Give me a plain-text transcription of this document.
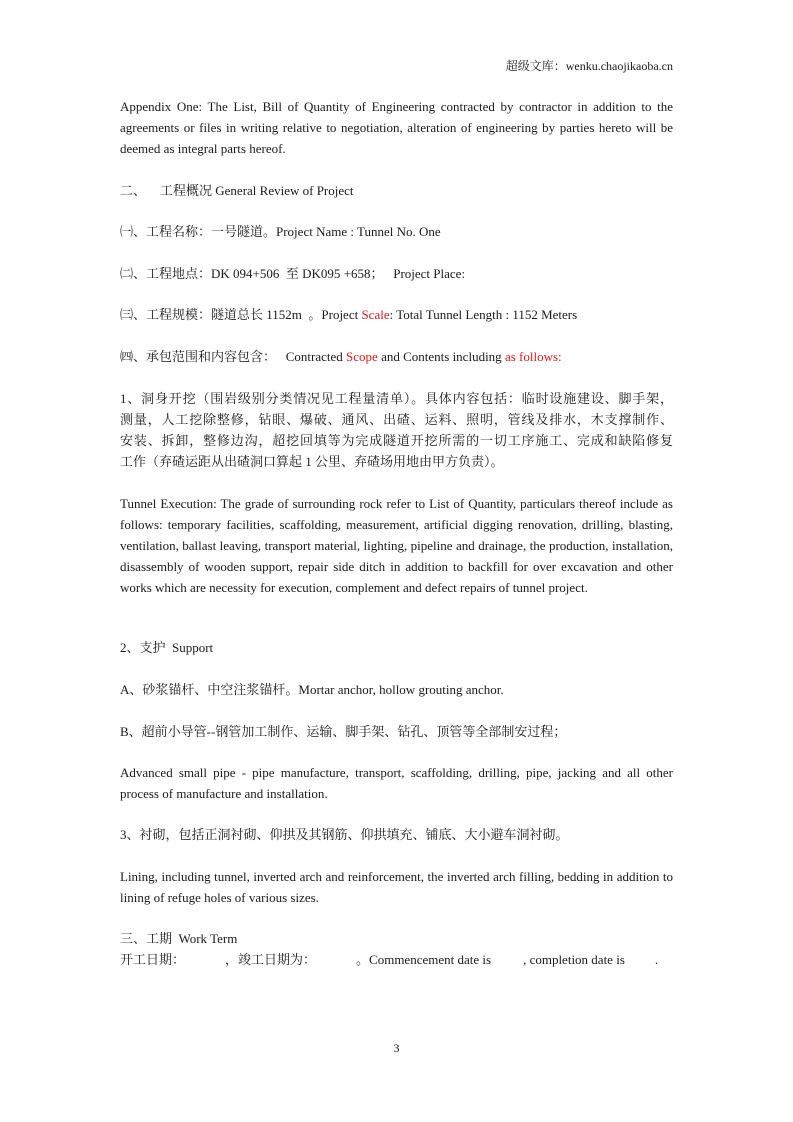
超级文库：wenku.chaojikaoba.cn
Appendix One: The List, Bill of Quantity of Engineering contracted by contractor in addition to the agreements or files in writing relative to negotiation, alteration of engineering by parties hereto will be deemed as integral parts hereof.
二、 工程概况 General Review of Project
㈠、工程名称：一号隧道。Project Name : Tunnel No. One
㈡、工程地点：DK 094+506  至 DK095 +658；   Project Place:
㈢、工程规模：隧道总长 1152m  。Project Scale: Total Tunnel Length : 1152 Meters
㈣、承包范围和内容包含：   Contracted Scope and Contents including as follows:
1、洞身开挖（围岩级别分类情况见工程量清单）。具体内容包括：临时设施建设、脚手架，
测量，人工挖除整修，钻眼、爆破、通风、出碴、运料、照明，管线及排水，木支撑制作、
安装、拆卸，整修边沟，超挖回填等为完成隧道开挖所需的一切工序施工、完成和缺陷修复
工作（弃碴运距从出碴洞口算起 1 公里、弃碴场用地由甲方负责）。
Tunnel Execution: The grade of surrounding rock refer to List of Quantity, particulars thereof include as follows: temporary facilities, scaffolding, measurement, artificial digging renovation, drilling, blasting, ventilation, ballast leaving, transport material, lighting, pipeline and drainage, the production, installation, disassembly of wooden support, repair side ditch in addition to backfill for over excavation and other works which are necessity for execution, complement and defect repairs of tunnel project.
2、支护  Support
A、砂浆锚杆、中空注浆锚杆。Mortar anchor, hollow grouting anchor.
B、超前小导管--钢管加工制作、运输、脚手架、钻孔、顶管等全部制安过程；
Advanced small pipe - pipe manufacture, transport, scaffolding, drilling, pipe, jacking and all other process of manufacture and installation.
3、衬砌，包括正洞衬砌、仰拱及其钢筋、仰拱填充、铺底、大小避车洞衬砌。
Lining, including tunnel, inverted arch and reinforcement, the inverted arch filling, bedding in addition to lining of refuge holes of various sizes.
三、工期  Work Term
开工日期：	，竣工日期为：	。Commencement date is , completion date is .
3
